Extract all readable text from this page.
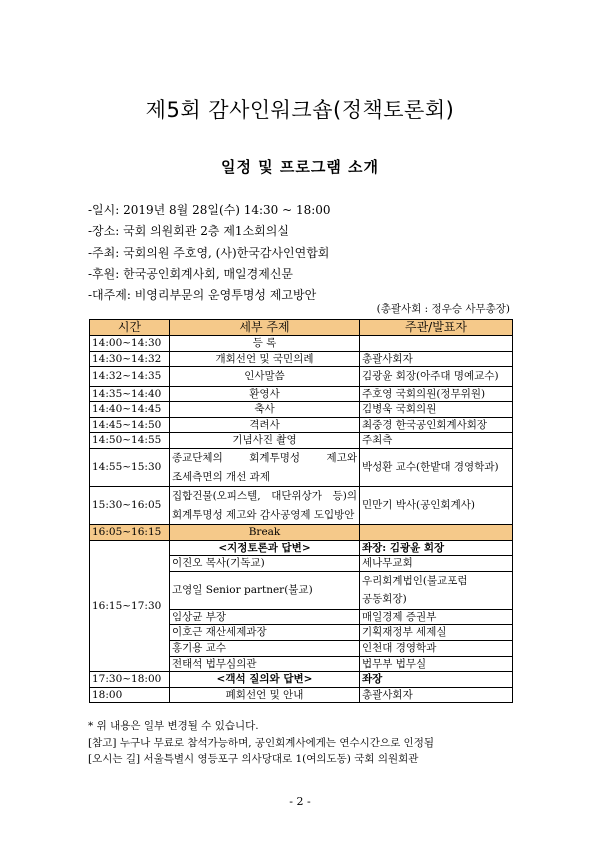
제5회 감사인워크숍(정책토론회)
일정 및 프로그램 소개
-일시: 2019년 8월 28일(수) 14:30 ~ 18:00
-장소: 국회 의원회관 2층 제1소회의실
-주최: 국회의원 주호영, (사)한국감사인연합회
-후원: 한국공인회계사회, 매일경제신문
-대주제: 비영리부문의 운영투명성 제고방안
(총괄사회 : 정우승 사무총장)
시간	세부 주제	주관/발표자
14:00~14:30	등 록	
14:30~14:32	개회선언 및 국민의례	총괄사회자
14:32~14:35	인사말씀	김광윤 회장(아주대 명예교수)
14:35~14:40	환영사	주호영 국회의원(정무위원)
14:40~14:45	축사	김병욱 국회의원
14:45~14:50	격려사	최중경 한국공인회계사회장
14:50~14:55	기념사진 촬영	주최측
14:55~15:30	종교단체의 회계투명성 제고와 조세측면의 개선 과제	박성환 교수(한밭대 경영학과)
15:30~16:05	집합건물(오피스텔, 대단위상가 등)의 회계투명성 제고와 감사공영제 도입방안	민만기 박사(공인회계사)
16:05~16:15	Break	
16:15~17:30	<지정토론과 답변>	좌장: 김광윤 회장
	이진오 목사(기독교)	세나무교회
	고영일 Senior partner(불교)	우리회계법인(불교포럼 공동회장)
	임상균 부장	매일경제 증권부
	이호근 재산세제과장	기획재정부 세제실
	홍기용 교수	인천대 경영학과
	전태석 법무심의관	법무부 법무실
17:30~18:00	<객석 질의와 답변>	좌장
18:00	폐회선언 및 안내	총괄사회자
* 위 내용은 일부 변경될 수 있습니다.
[참고] 누구나 무료로 참석가능하며, 공인회계사에게는 연수시간으로 인정됨
[오시는 길] 서울특별시 영등포구 의사당대로 1(여의도동) 국회 의원회관
- 2 -
